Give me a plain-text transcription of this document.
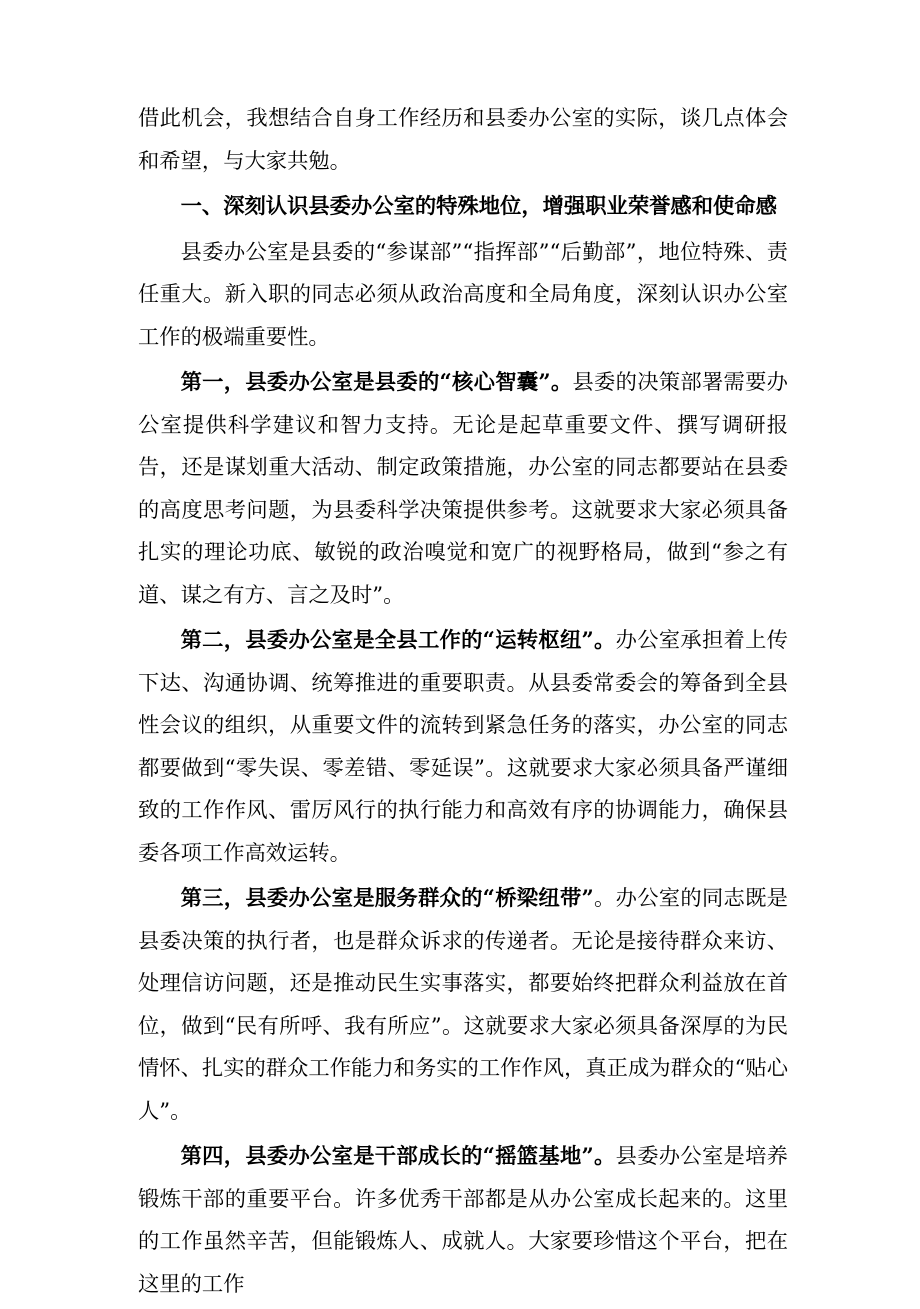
借此机会，我想结合自身工作经历和县委办公室的实际，谈几点体会和希望，与大家共勉。

一、深刻认识县委办公室的特殊地位，增强职业荣誉感和使命感

县委办公室是县委的“参谋部”“指挥部”“后勤部”，地位特殊、责任重大。新入职的同志必须从政治高度和全局角度，深刻认识办公室工作的极端重要性。

第一，县委办公室是县委的“核心智囊”。县委的决策部署需要办公室提供科学建议和智力支持。无论是起草重要文件、撰写调研报告，还是谋划重大活动、制定政策措施，办公室的同志都要站在县委的高度思考问题，为县委科学决策提供参考。这就要求大家必须具备扎实的理论功底、敏锐的政治嗅觉和宽广的视野格局，做到“参之有道、谋之有方、言之及时”。

第二，县委办公室是全县工作的“运转枢纽”。办公室承担着上传下达、沟通协调、统筹推进的重要职责。从县委常委会的筹备到全县性会议的组织，从重要文件的流转到紧急任务的落实，办公室的同志都要做到“零失误、零差错、零延误”。这就要求大家必须具备严谨细致的工作作风、雷厉风行的执行能力和高效有序的协调能力，确保县委各项工作高效运转。

第三，县委办公室是服务群众的“桥梁纽带”。办公室的同志既是县委决策的执行者，也是群众诉求的传递者。无论是接待群众来访、处理信访问题，还是推动民生实事落实，都要始终把群众利益放在首位，做到“民有所呼、我有所应”。这就要求大家必须具备深厚的为民情怀、扎实的群众工作能力和务实的工作作风，真正成为群众的“贴心人”。

第四，县委办公室是干部成长的“摇篮基地”。县委办公室是培养锻炼干部的重要平台。许多优秀干部都是从办公室成长起来的。这里的工作虽然辛苦，但能锻炼人、成就人。大家要珍惜这个平台，把在这里的工作
